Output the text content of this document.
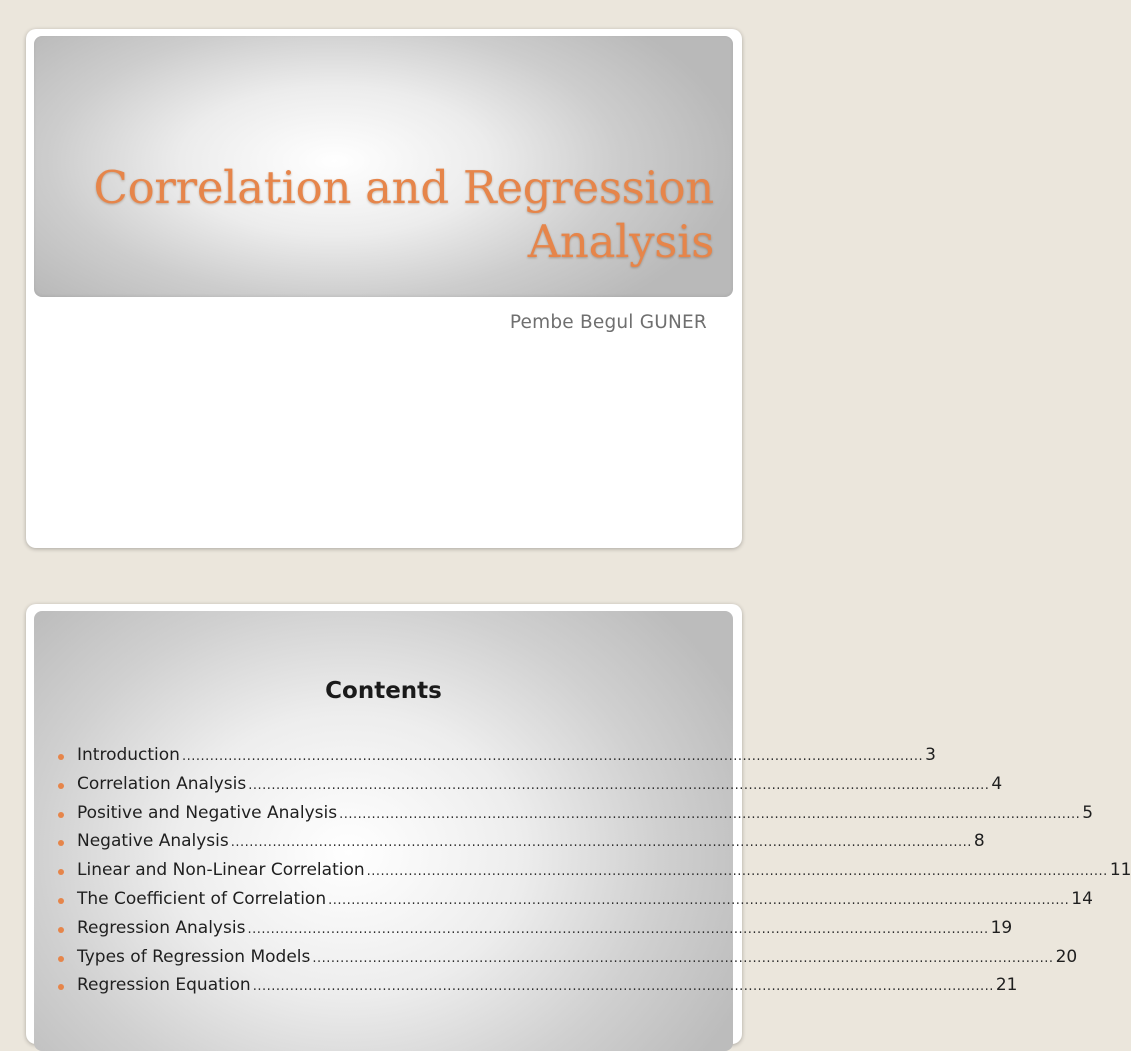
Correlation and Regression
Analysis
Pembe Begul GUNER
Contents
Introduction ................................................................................................................................................................ 3
Correlation Analysis ................................................................................................................................................................ 4
Positive and Negative Analysis ................................................................................................................................................................ 5
Negative Analysis ................................................................................................................................................................ 8
Linear and Non-Linear Correlation ................................................................................................................................................................ 11
The Coefficient of Correlation ................................................................................................................................................................ 14
Regression Analysis ................................................................................................................................................................ 19
Types of Regression Models ................................................................................................................................................................ 20
Regression Equation ................................................................................................................................................................ 21
